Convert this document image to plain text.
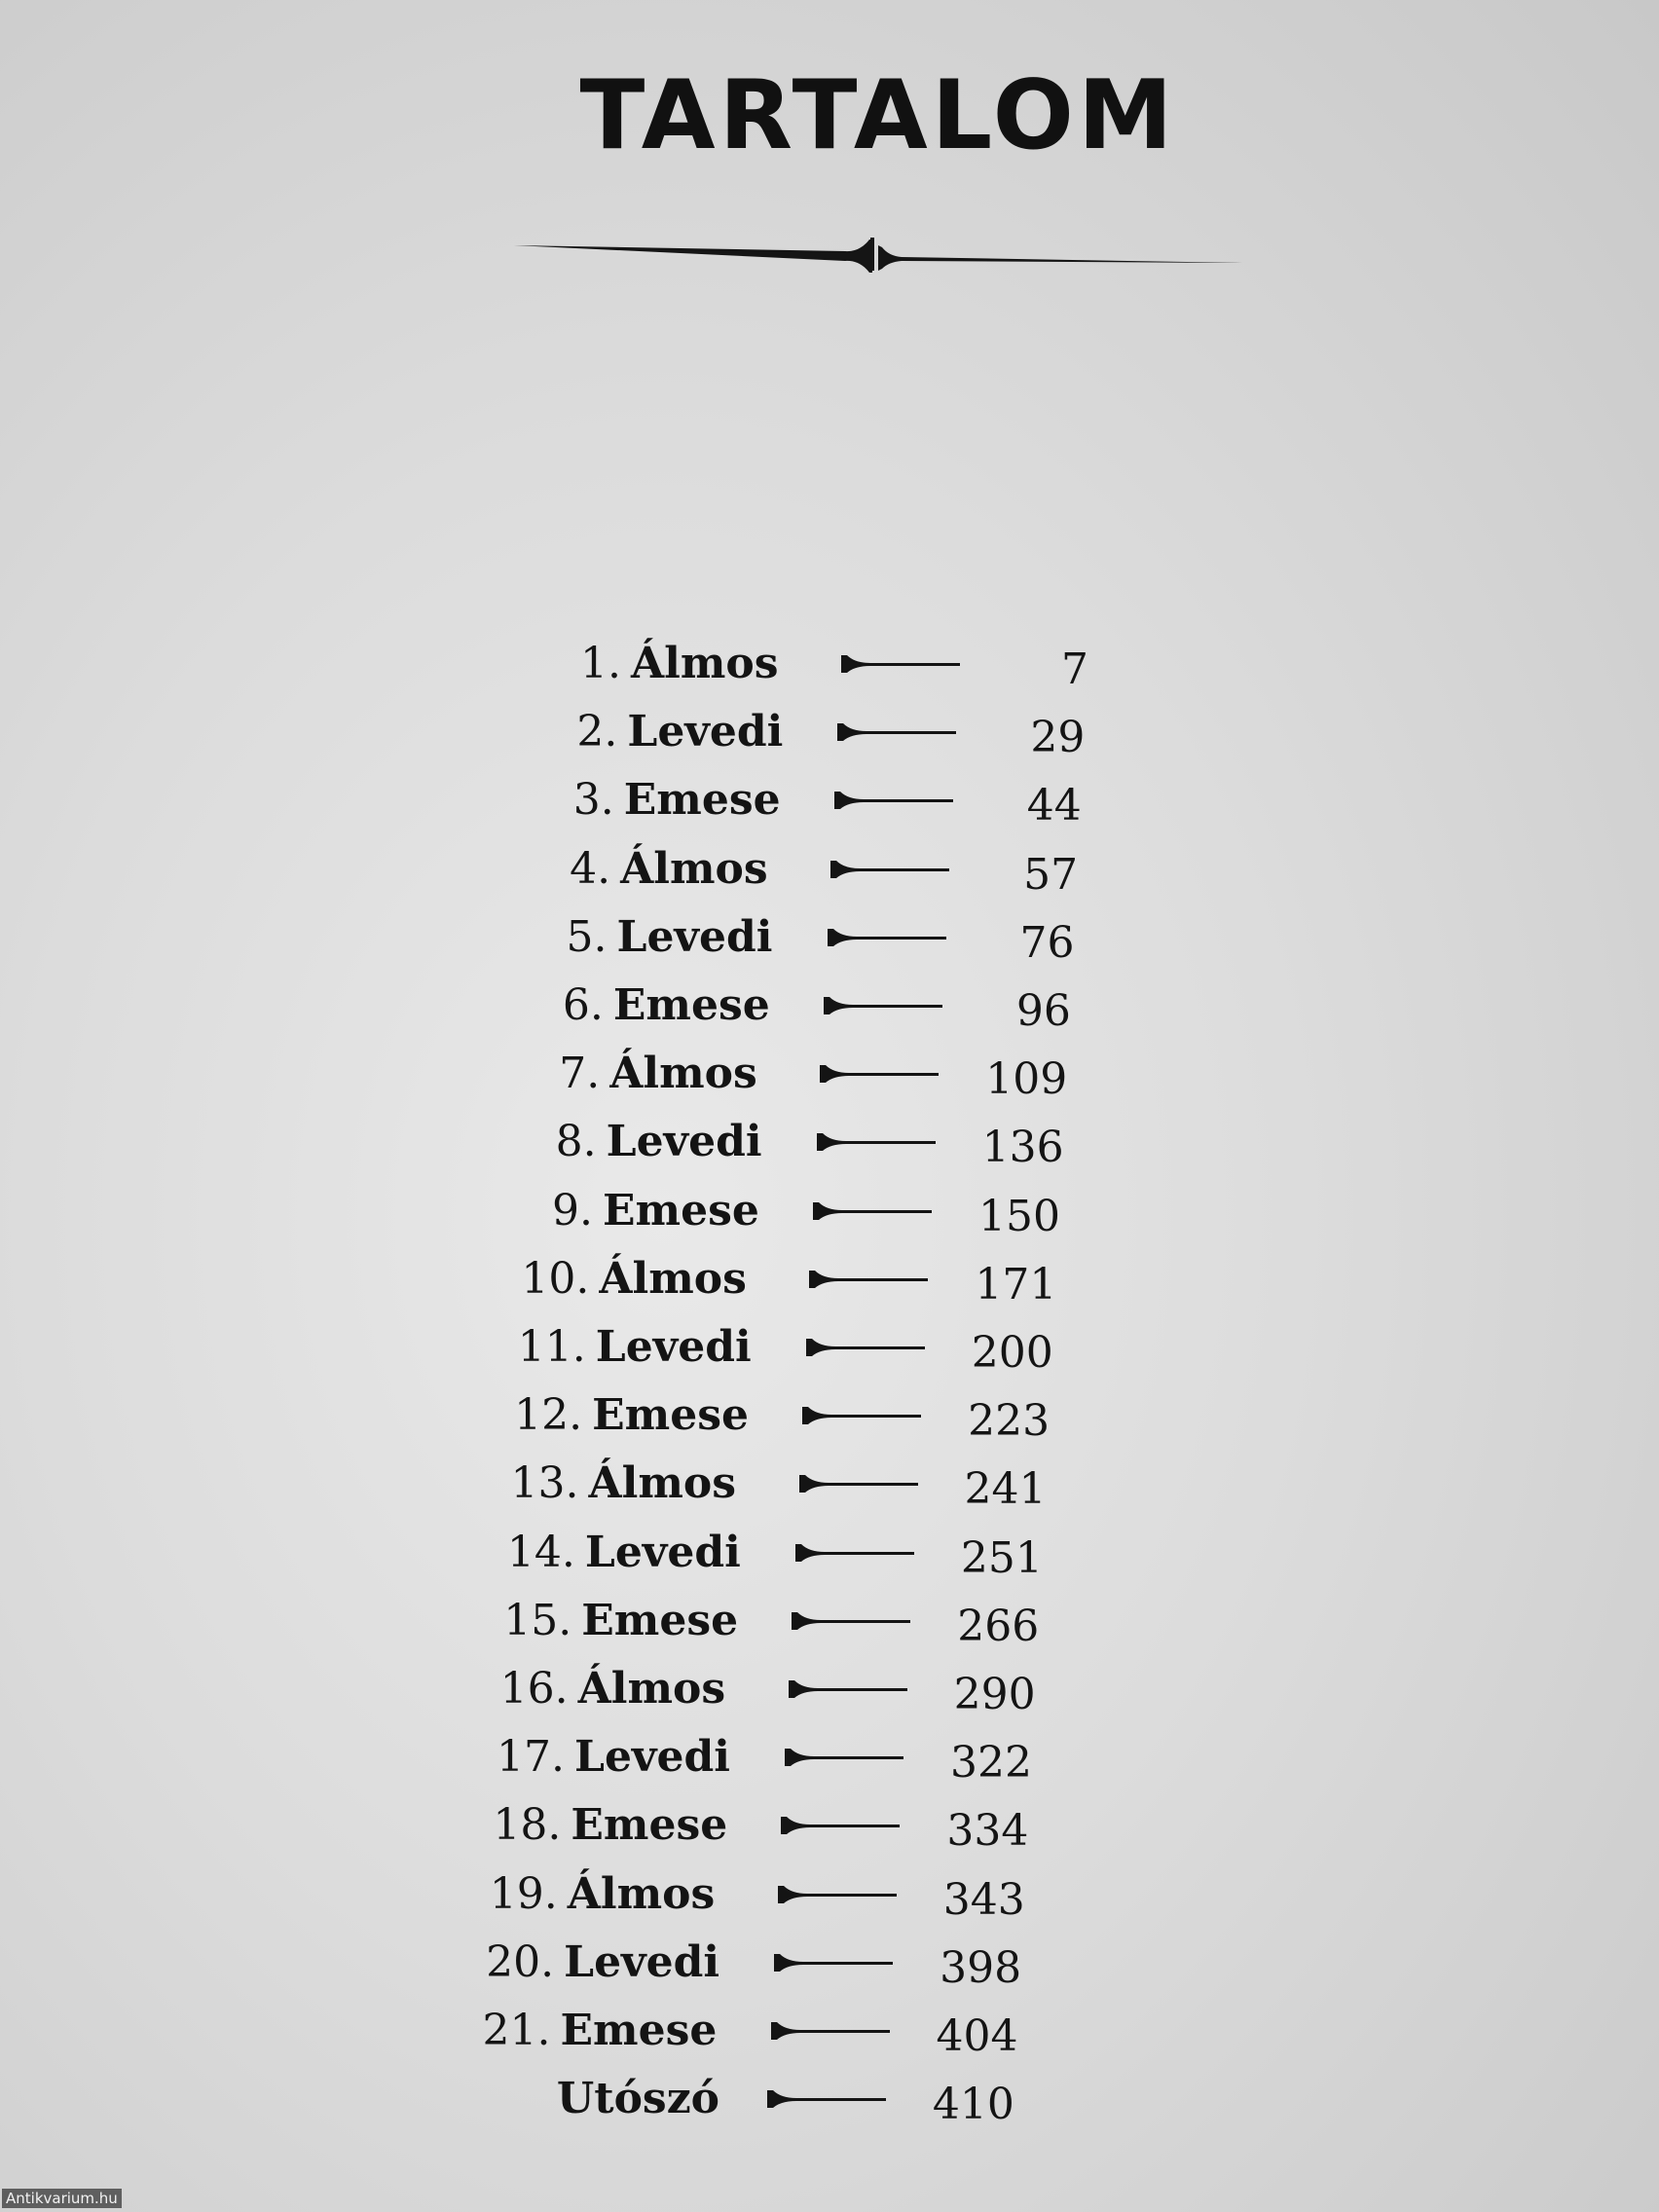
TARTALOM
1. Álmos	7
2. Levedi	29
3. Emese	44
4. Álmos	57
5. Levedi	76
6. Emese	96
7. Álmos	109
8. Levedi	136
9. Emese	150
10. Álmos	171
11. Levedi	200
12. Emese	223
13. Álmos	241
14. Levedi	251
15. Emese	266
16. Álmos	290
17. Levedi	322
18. Emese	334
19. Álmos	343
20. Levedi	398
21. Emese	404
Utószó	410
Antikvarium.hu
